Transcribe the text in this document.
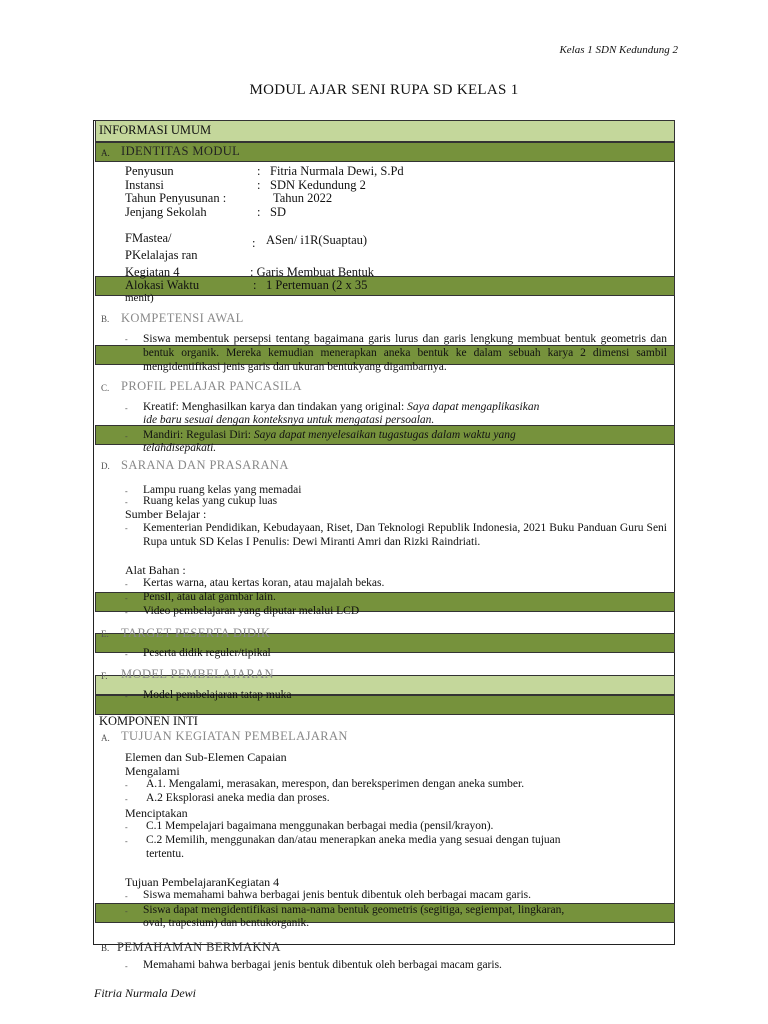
Kelas 1 SDN Kedundung 2
MODUL AJAR SENI RUPA SD KELAS 1
INFORMASI UMUM
A. IDENTITAS MODUL
Penyusun	: Fitria Nurmala Dewi, S.Pd
Instansi	: SDN Kedundung 2
Tahun Penyusunan :	Tahun 2022
Jenjang Sekolah	: SD
FMasteа/	: ASen/ i1R(Suaptau)
PKelalajas ran
Kegiatan 4	: Garis Membuat Bentuk
Alokasi Waktu	: 1 Pertemuan (2 x 35
menit)
B. KOMPETENSI AWAL
- Siswa membentuk persepsi tentang bagaimana garis lurus dan garis lengkung membuat bentuk geometris dan bentuk organik. Mereka kemudian menerapkan aneka bentuk ke dalam sebuah karya 2 dimensi sambil mengidentifikasi jenis garis dan ukuran bentukyang digambarnya.
C. PROFIL PELAJAR PANCASILA
- Kreatif: Menghasilkan karya dan tindakan yang original: Saya dapat mengaplikasikan
ide baru sesuai dengan konteksnya untuk mengatasi persoalan.
- Mandiri: Regulasi Diri: Saya dapat menyelesaikan tugastugas dalam waktu yang
telahdisepakati.
D. SARANA DAN PRASARANA
- Lampu ruang kelas yang memadai
- Ruang kelas yang cukup luas
Sumber Belajar :
- Kementerian Pendidikan, Kebudayaan, Riset, Dan Teknologi Republik Indonesia, 2021 Buku Panduan Guru Seni Rupa untuk SD Kelas I Penulis: Dewi Miranti Amri dan Rizki Raindriati.
Alat Bahan :
- Kertas warna, atau kertas koran, atau majalah bekas.
- Pensil, atau alat gambar lain.
- Video pembelajaran yang diputar melalui LCD
E. TARGET PESERTA DIDIK
- Peserta didik reguler/tipikal
F. MODEL PEMBELAJARAN
- Model pembelajaran tatap muka
KOMPONEN INTI
A. TUJUAN KEGIATAN PEMBELAJARAN
Elemen dan Sub-Elemen Capaian
Mengalami
- A.1. Mengalami, merasakan, merespon, dan bereksperimen dengan aneka sumber.
- A.2 Eksplorasi aneka media dan proses.
Menciptakan
- C.1 Mempelajari bagaimana menggunakan berbagai media (pensil/krayon).
- C.2 Memilih, menggunakan dan/atau menerapkan aneka media yang sesuai dengan tujuan
tertentu.
Tujuan PembelajaranKegiatan 4
- Siswa memahami bahwa berbagai jenis bentuk dibentuk oleh berbagai macam garis.
- Siswa dapat mengidentifikasi nama-nama bentuk geometris (segitiga, segiempat, lingkaran,
oval, trapesium) dan bentukorganik.
B. PEMAHAMAN BERMAKNA
- Memahami bahwa berbagai jenis bentuk dibentuk oleh berbagai macam garis.
Fitria Nurmala Dewi
